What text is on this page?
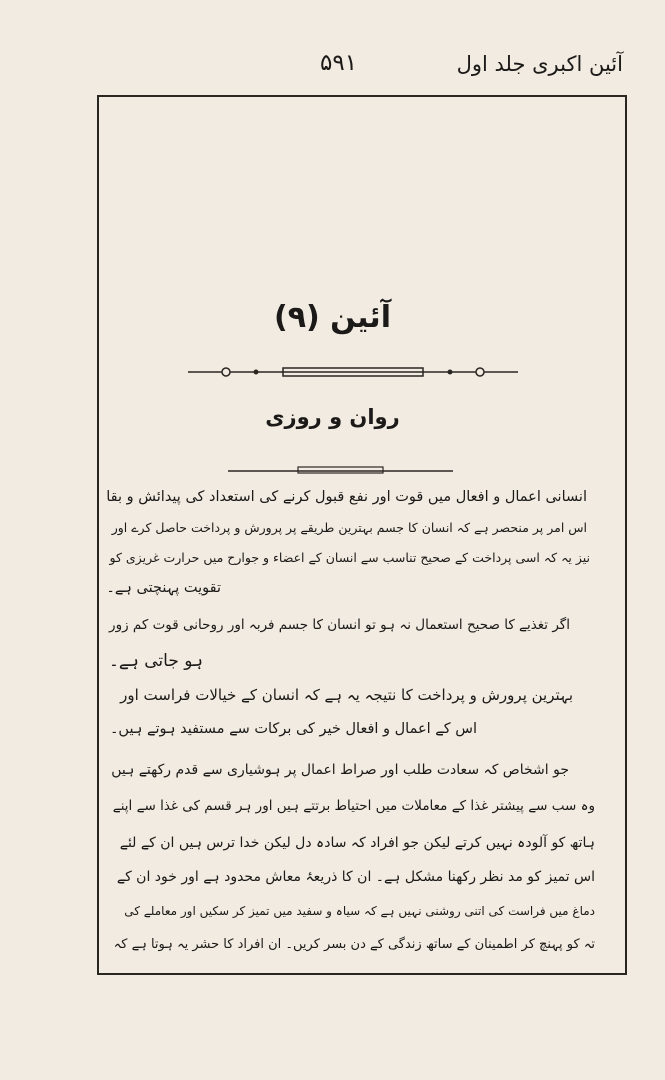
آئین اکبری جلد اول
۵۹۱
آئین (۹)
روان و روزی
انسانی اعمال و افعال میں قوت اور نفع قبول کرنے کی استعداد کی پیدائش و بقا
اس امر پر منحصر ہے کہ انسان کا جسم بہترین طریقے پر پرورش و پرداخت حاصل کرے اور
نیز یہ کہ اسی پرداخت کے صحیح تناسب سے انسان کے اعضاء و جوارح میں حرارت غریزی کو
تقویت پہنچتی ہے۔
اگر تغذیے کا صحیح استعمال نہ ہو تو انسان کا جسم فربہ اور روحانی قوت کم زور
ہو جاتی ہے۔
بہترین پرورش و پرداخت کا نتیجہ یہ ہے کہ انسان کے خیالات فراست اور
اس کے اعمال و افعال خیر کی برکات سے مستفید ہوتے ہیں۔
جو اشخاص کہ سعادت طلب اور صراط اعمال پر ہوشیاری سے قدم رکھتے ہیں
وہ سب سے پیشتر غذا کے معاملات میں احتیاط برتتے ہیں اور ہر قسم کی غذا سے اپنے
ہاتھ کو آلودہ نہیں کرتے لیکن جو افراد کہ سادہ دل لیکن خدا ترس ہیں ان کے لئے
اس تمیز کو مد نظر رکھنا مشکل ہے۔ ان کا ذریعۂ معاش محدود ہے اور خود ان کے
دماغ میں فراست کی اتنی روشنی نہیں ہے کہ سیاہ و سفید میں تمیز کر سکیں اور معاملے کی
تہ کو پہنچ کر اطمینان کے ساتھ زندگی کے دن بسر کریں۔ ان افراد کا حشر یہ ہوتا ہے کہ
